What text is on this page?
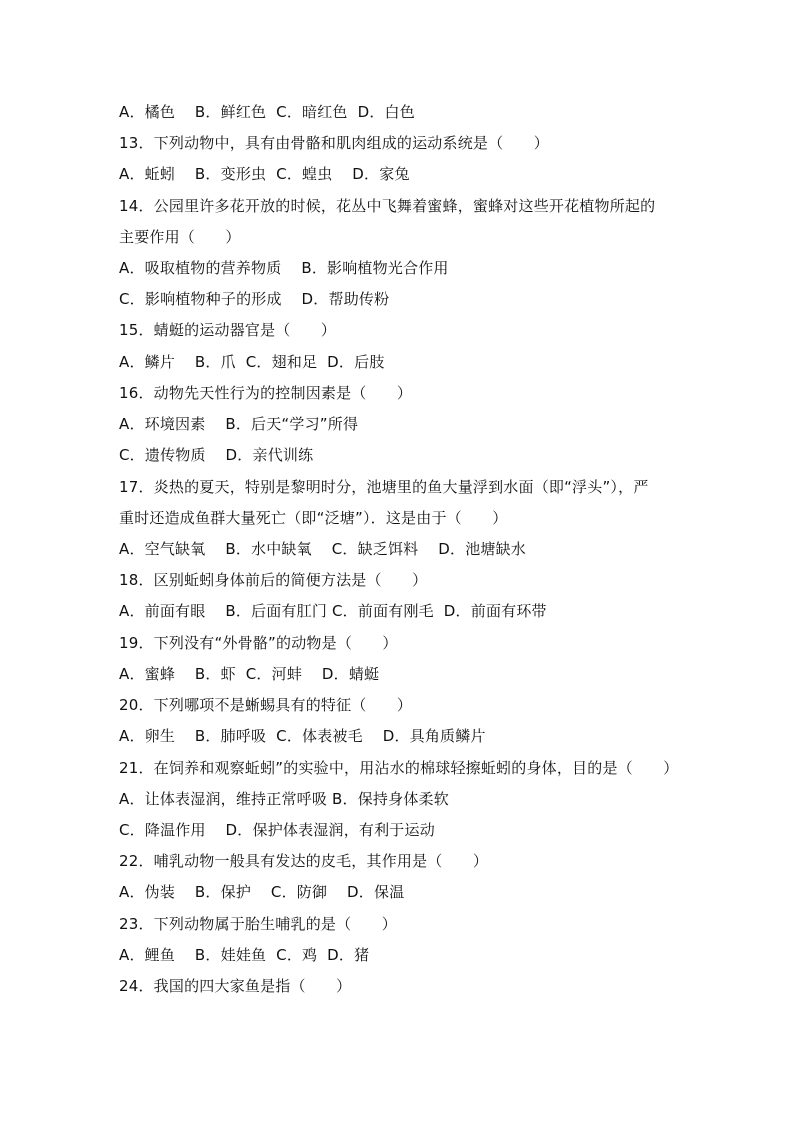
A．橘色    B．鲜红色  C．暗红色  D．白色
13．下列动物中，具有由骨骼和肌肉组成的运动系统是（　　）
A．蚯蚓    B．变形虫  C．蝗虫    D．家兔
14．公园里许多花开放的时候，花丛中飞舞着蜜蜂，蜜蜂对这些开花植物所起的
主要作用（　　）
A．吸取植物的营养物质    B．影响植物光合作用
C．影响植物种子的形成    D．帮助传粉
15．蜻蜓的运动器官是（　　）
A．鳞片    B．爪  C．翅和足  D．后肢
16．动物先天性行为的控制因素是（　　）
A．环境因素    B．后天“学习”所得
C．遗传物质    D．亲代训练
17．炎热的夏天，特别是黎明时分，池塘里的鱼大量浮到水面（即“浮头”），严
重时还造成鱼群大量死亡（即“泛塘”）．这是由于（　　）
A．空气缺氧    B．水中缺氧    C．缺乏饵料    D．池塘缺水
18．区别蚯蚓身体前后的简便方法是（　　）
A．前面有眼    B．后面有肛门 C．前面有刚毛  D．前面有环带
19．下列没有“外骨骼”的动物是（　　）
A．蜜蜂    B．虾  C．河蚌    D．蜻蜓
20．下列哪项不是蜥蜴具有的特征（　　）
A．卵生    B．肺呼吸  C．体表被毛    D．具角质鳞片
21．在饲养和观察蚯蚓”的实验中，用沾水的棉球轻擦蚯蚓的身体，目的是（　　）
A．让体表湿润，维持正常呼吸 B．保持身体柔软
C．降温作用    D．保护体表湿润，有利于运动
22．哺乳动物一般具有发达的皮毛，其作用是（　　）
A．伪装    B．保护    C．防御    D．保温
23．下列动物属于胎生哺乳的是（　　）
A．鲤鱼    B．娃娃鱼  C．鸡  D．猪
24．我国的四大家鱼是指（　　）
